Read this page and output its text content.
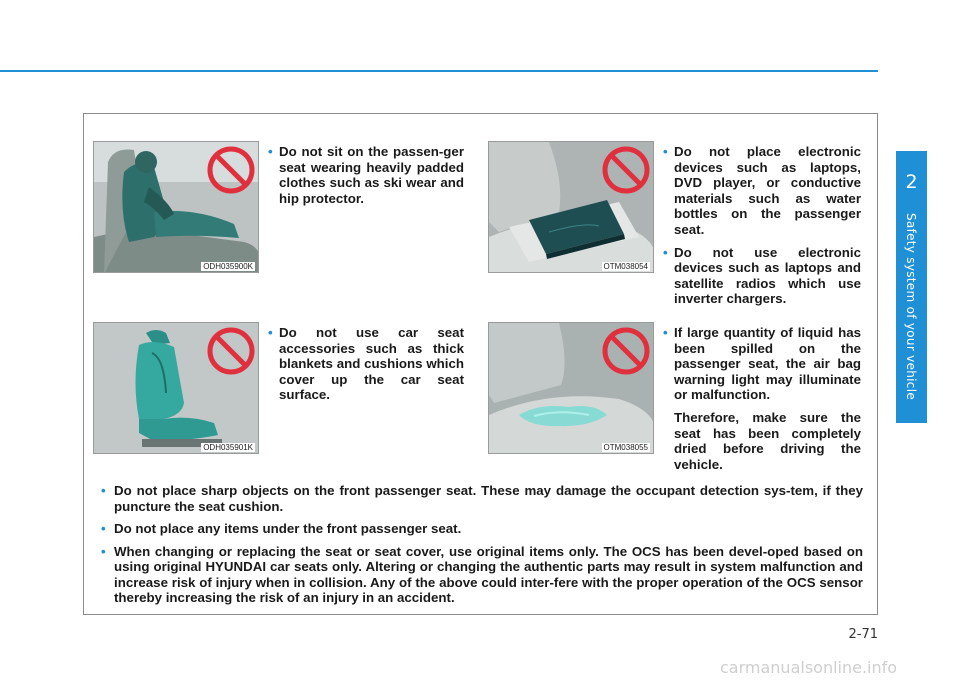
2
Safety system of your vehicle
ODH035900K	OTM038054
ODH035901K	OTM038055
• Do not sit on the passen-ger seat wearing heavily padded clothes such as ski wear and hip protector.
• Do not place electronic devices such as laptops, DVD player, or conductive materials such as water bottles on the passenger seat.
• Do not use electronic devices such as laptops and satellite radios which use inverter chargers.
• Do not use car seat accessories such as thick blankets and cushions which cover up the car seat surface.
• If large quantity of liquid has been spilled on the passenger seat, the air bag warning light may illuminate or malfunction.

Therefore, make sure the seat has been completely dried before driving the vehicle.

• Do not place sharp objects on the front passenger seat. These may damage the occupant detection sys-tem, if they puncture the seat cushion.
• Do not place any items under the front passenger seat.
• When changing or replacing the seat or seat cover, use original items only. The OCS has been devel-oped based on using original HYUNDAI car seats only. Altering or changing the authentic parts may result in system malfunction and increase risk of injury when in collision. Any of the above could inter-fere with the proper operation of the OCS sensor thereby increasing the risk of an injury in an accident.
2-71
carmanualsonline.info
